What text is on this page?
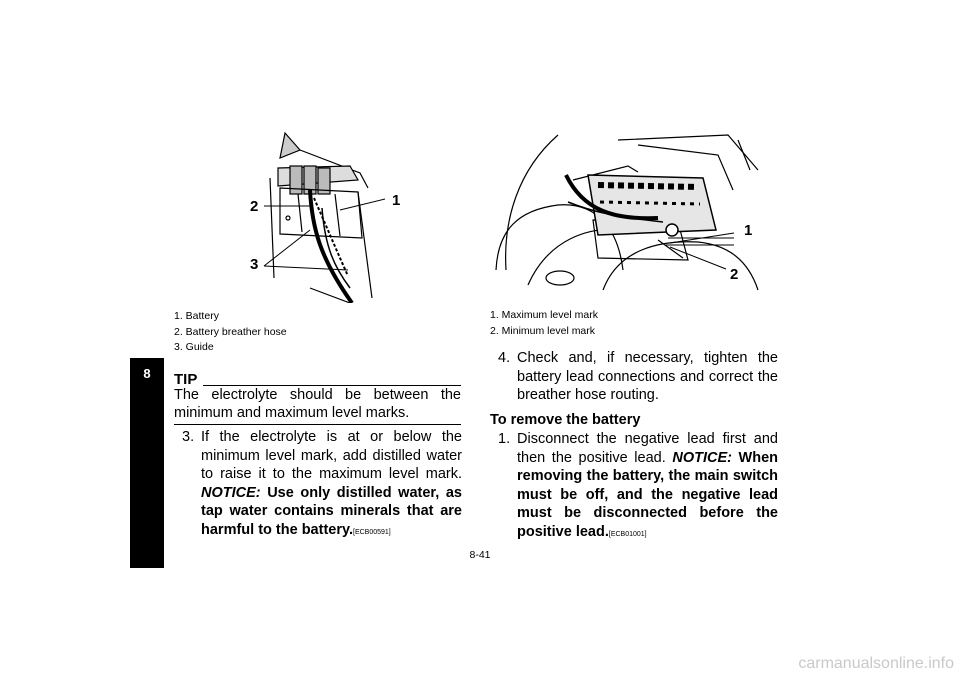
8
2	1
3
1. Battery
2. Battery breather hose
3. Guide
TIP
The electrolyte should be between the minimum and maximum level marks.
3. If the electrolyte is at or below the minimum level mark, add distilled water to raise it to the maximum level mark. NOTICE: Use only distilled water, as tap water contains minerals that are harmful to the battery.[ECB00591]
1
2
1. Maximum level mark
2. Minimum level mark
4. Check and, if necessary, tighten the battery lead connections and correct the breather hose routing.
To remove the battery
1. Disconnect the negative lead first and then the positive lead. NOTICE: When removing the battery, the main switch must be off, and the negative lead must be disconnected before the positive lead.[ECB01001]
8-41
carmanualsonline.info
